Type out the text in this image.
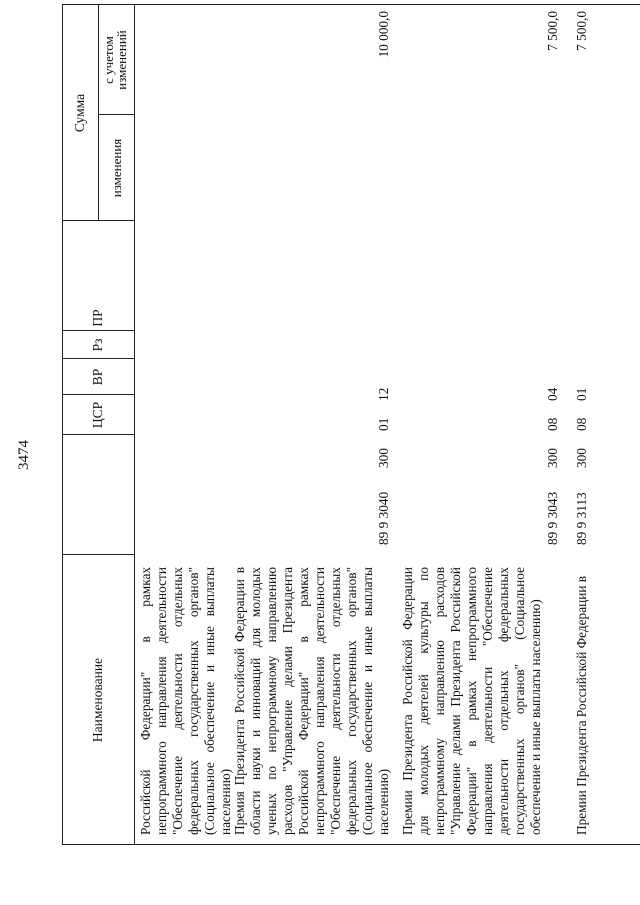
3474
Наименование
ЦСР
ВР
Рз
ПР
Сумма
изменения
с учетом изменений
Российской Федерации" в рамках непрограммного направления деятельности "Обеспечение деятельности отдельных федеральных государственных органов" (Социальное обеспечение и иные выплаты населению) Премия Президента Российской Федерации в области науки и инноваций для молодых ученых по непрограммному направлению расходов "Управление делами Президента Российской Федерации" в рамках непрограммного направления деятельности "Обеспечение деятельности отдельных федеральных государственных органов" (Социальное обеспечение и иные выплаты населению)
89 9 3040
300
01
12
10 000,0
Премии Президента Российской Федерации для молодых деятелей культуры по непрограммному направлению расходов "Управление делами Президента Российской Федерации" в рамках непрограммного направления деятельности "Обеспечение деятельности отдельных федеральных государственных органов" (Социальное обеспечение и иные выплаты населению)
89 9 3043
300
08
04
7 500,0
Премии Президента Российской Федерации в
89 9 3113
300
08
01
7 500,0
